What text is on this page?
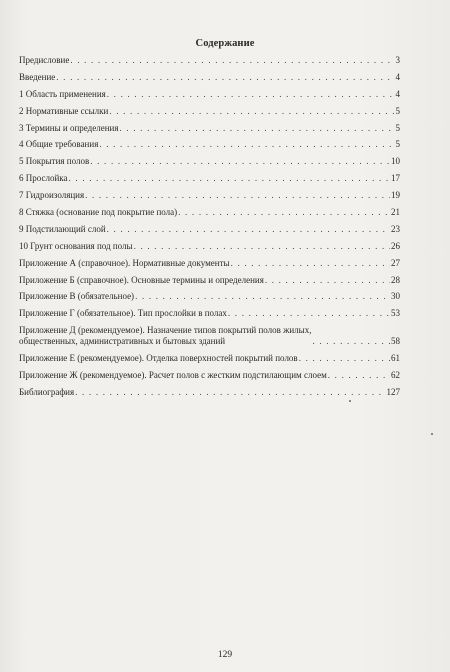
Содержание
Предисловие . . .	3
Введение . . .	4
1 Область применения . . .	4
2 Нормативные ссылки . . .	5
3 Термины и определения . . .	5
4 Общие требования . . .	5
5 Покрытия полов . . .	10
6 Прослойка . . .	17
7 Гидроизоляция . . .	19
8 Стяжка (основание под покрытие пола) . . .	21
9 Подстилающий слой . . .	23
10 Грунт основания под полы . . .	26
Приложение А (справочное). Нормативные документы . . .	27
Приложение Б (справочное). Основные термины и определения . . .	28
Приложение В (обязательное) . . .	30
Приложение Г (обязательное). Тип прослойки в полах . . .	53
Приложение Д (рекомендуемое). Назначение типов покрытий полов жилых,
общественных, административных и бытовых зданий . . .	58
Приложение Е (рекомендуемое). Отделка поверхностей покрытий полов . . .	61
Приложение Ж (рекомендуемое). Расчет полов с жестким подстилающим слоем . . .	62
Библиография . . .	127
129
